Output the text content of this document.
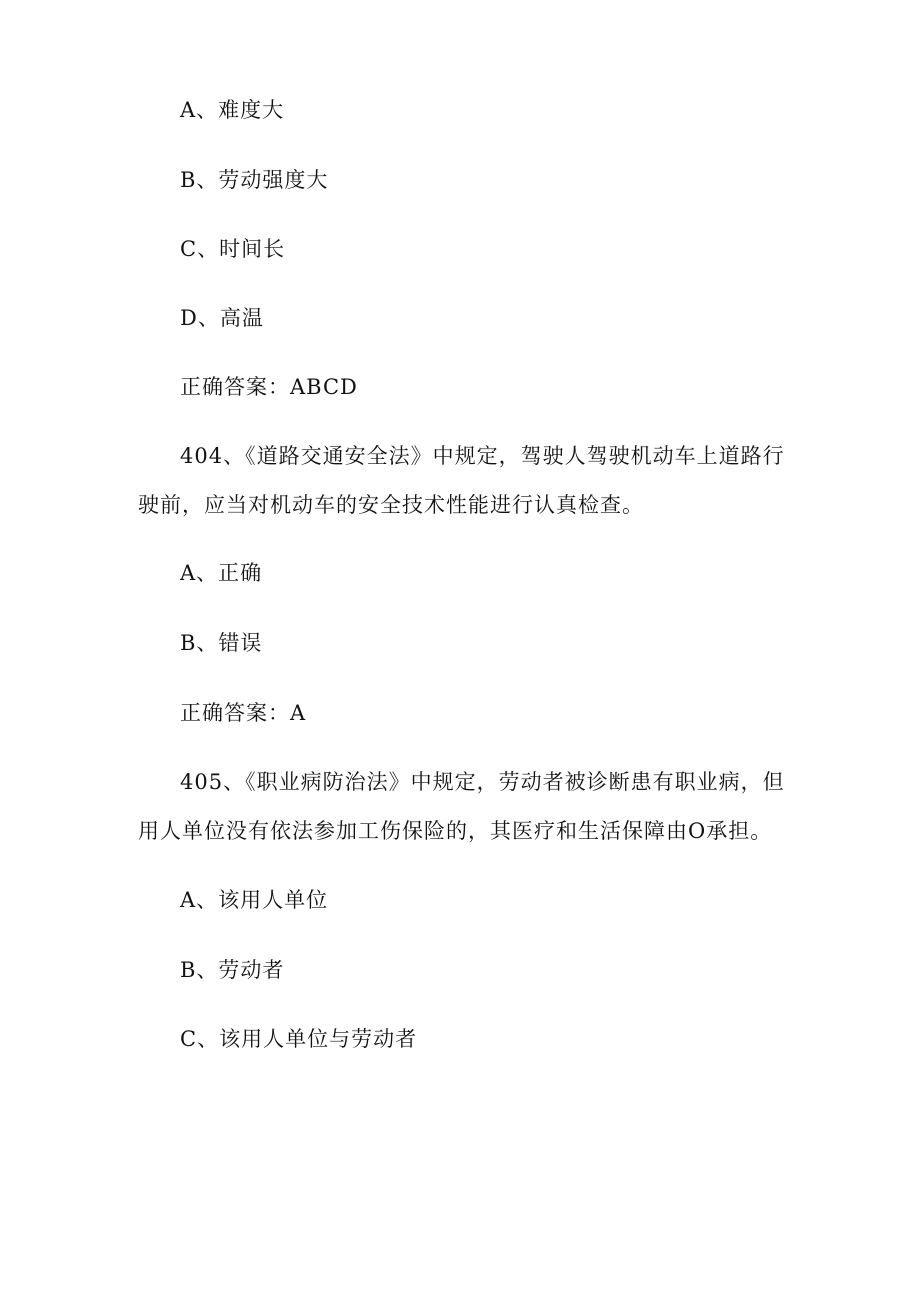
A、难度大
B、劳动强度大
C、时间长
D、高温
正确答案：ABCD
404、《道路交通安全法》中规定，驾驶人驾驶机动车上道路行
驶前，应当对机动车的安全技术性能进行认真检查。
A、正确
B、错误
正确答案：A
405、《职业病防治法》中规定，劳动者被诊断患有职业病，但
用人单位没有依法参加工伤保险的，其医疗和生活保障由O承担。
A、该用人单位
B、劳动者
C、该用人单位与劳动者
